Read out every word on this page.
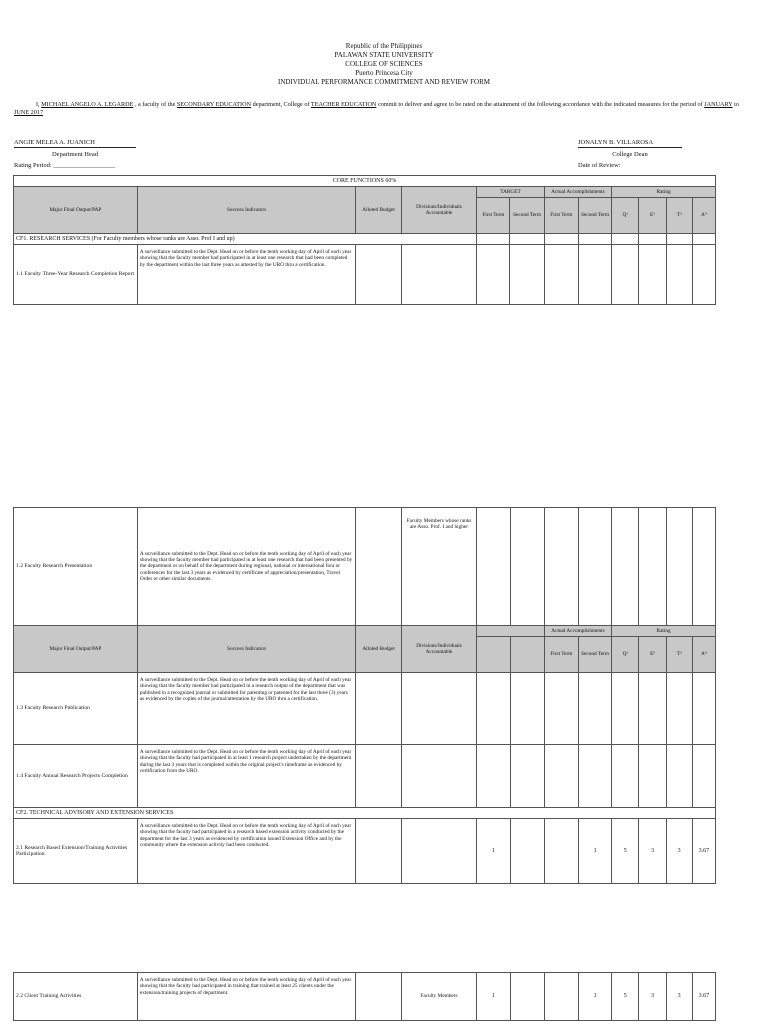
Republic of the Philippines
PALAWAN STATE UNIVERSITY
COLLEGE OF SCIENCES
Puerto Princesa City
INDIVIDUAL PERFORMANCE COMMITMENT AND REVIEW FORM
I, MICHAEL ANGELO A. LEGARDE , a faculty of the SECONDARY EDUCATION department, College of TEACHER EDUCATION commit to deliver and agree to be rated on the attainment of the following accordance with the indicated measures for the period of JANUARY to JUNE 2017
ANGIE MELEA A. JUANICH
Department Head
Rating Period: ___________________
JONALYN B. VILLAROSA
College Dean
Date of Review:
CORE FUNCTIONS 60%											
Major Final Output/PAP	Success Indicators	Alloted Budget	Divisions/Individuals Accountable	TARGET		Actual Accomplishments		Rating			
				First Term	Second Term	First Term	Second Term	Q¹	E²	T³	A⁴
CF1. RESEARCH SERVICES (For Faculty members whose ranks are Asso. Prof I and up)											
1.1 Faculty Three-Year Research Completion Report	A surveillance submitted to the Dept. Head on or before the tenth working day of April of each year showing that the faculty member had participated in at least one research that had been completed by the department within the last three years as attested by the URO thru a certification.										
1.2 Faculty Research Presentation	A surveillance submitted to the Dept. Head on or before the tenth working day of April of each year showing that the faculty member had participated in at least one research that had been presented by the department or on behalf of the department during regional, national or international fora or conferences for the last 3 years as evidenced by certificate of appreciation/presentation, Travel Order or other similar documents.		Faculty Members whose ranks are Asso. Prof. I and higher								
Major Final Output/PAP	Success Indicators	Alloted Budget	Divisions/Individuals Accountable			Actual Accomplishments		Rating			
						First Term	Second Term	Q¹	E²	T³	A⁴
1.3 Faculty Research Publication	A surveillance submitted to the Dept. Head on or before the tenth working day of April of each year showing that the faculty member had participated in a research output of the department that was published in a recognized journal or submitted for patenting or patented for the last three (3) years as evidenced by the copies of the journal/attestation by the URO thru a certification.										
1.4 Faculty Annual Research Projects Completion	A surveillance submitted to the Dept. Head on or before the tenth working day of April of each year showing that the faculty had participated in at least 1 research project undertaken by the department during the last 3 years that is completed within the original project's timeframe as evidenced by certification from the URO.										
CF2. TECHNICAL ADVISORY AND EXTENSION SERVICES											
2.1 Research Based Extension/Training Activities Participation	A surveillance submitted to the Dept. Head on or before the tenth working day of April of each year showing that the faculty had participated in a research based extension activity conducted by the department for the last 3 years as evidenced by certification issued Extension Office and by the community where the extension activity had been conducted.			1			1	5	3	3	3.67
2.2 Client Training Activities	A surveillance submitted to the Dept. Head on or before the tenth working day of April of each year showing that the faculty had participated in training that trained at least 25 clients under the extension/training projects of department.		Faculty Members	1			1	5	3	3	3.67
